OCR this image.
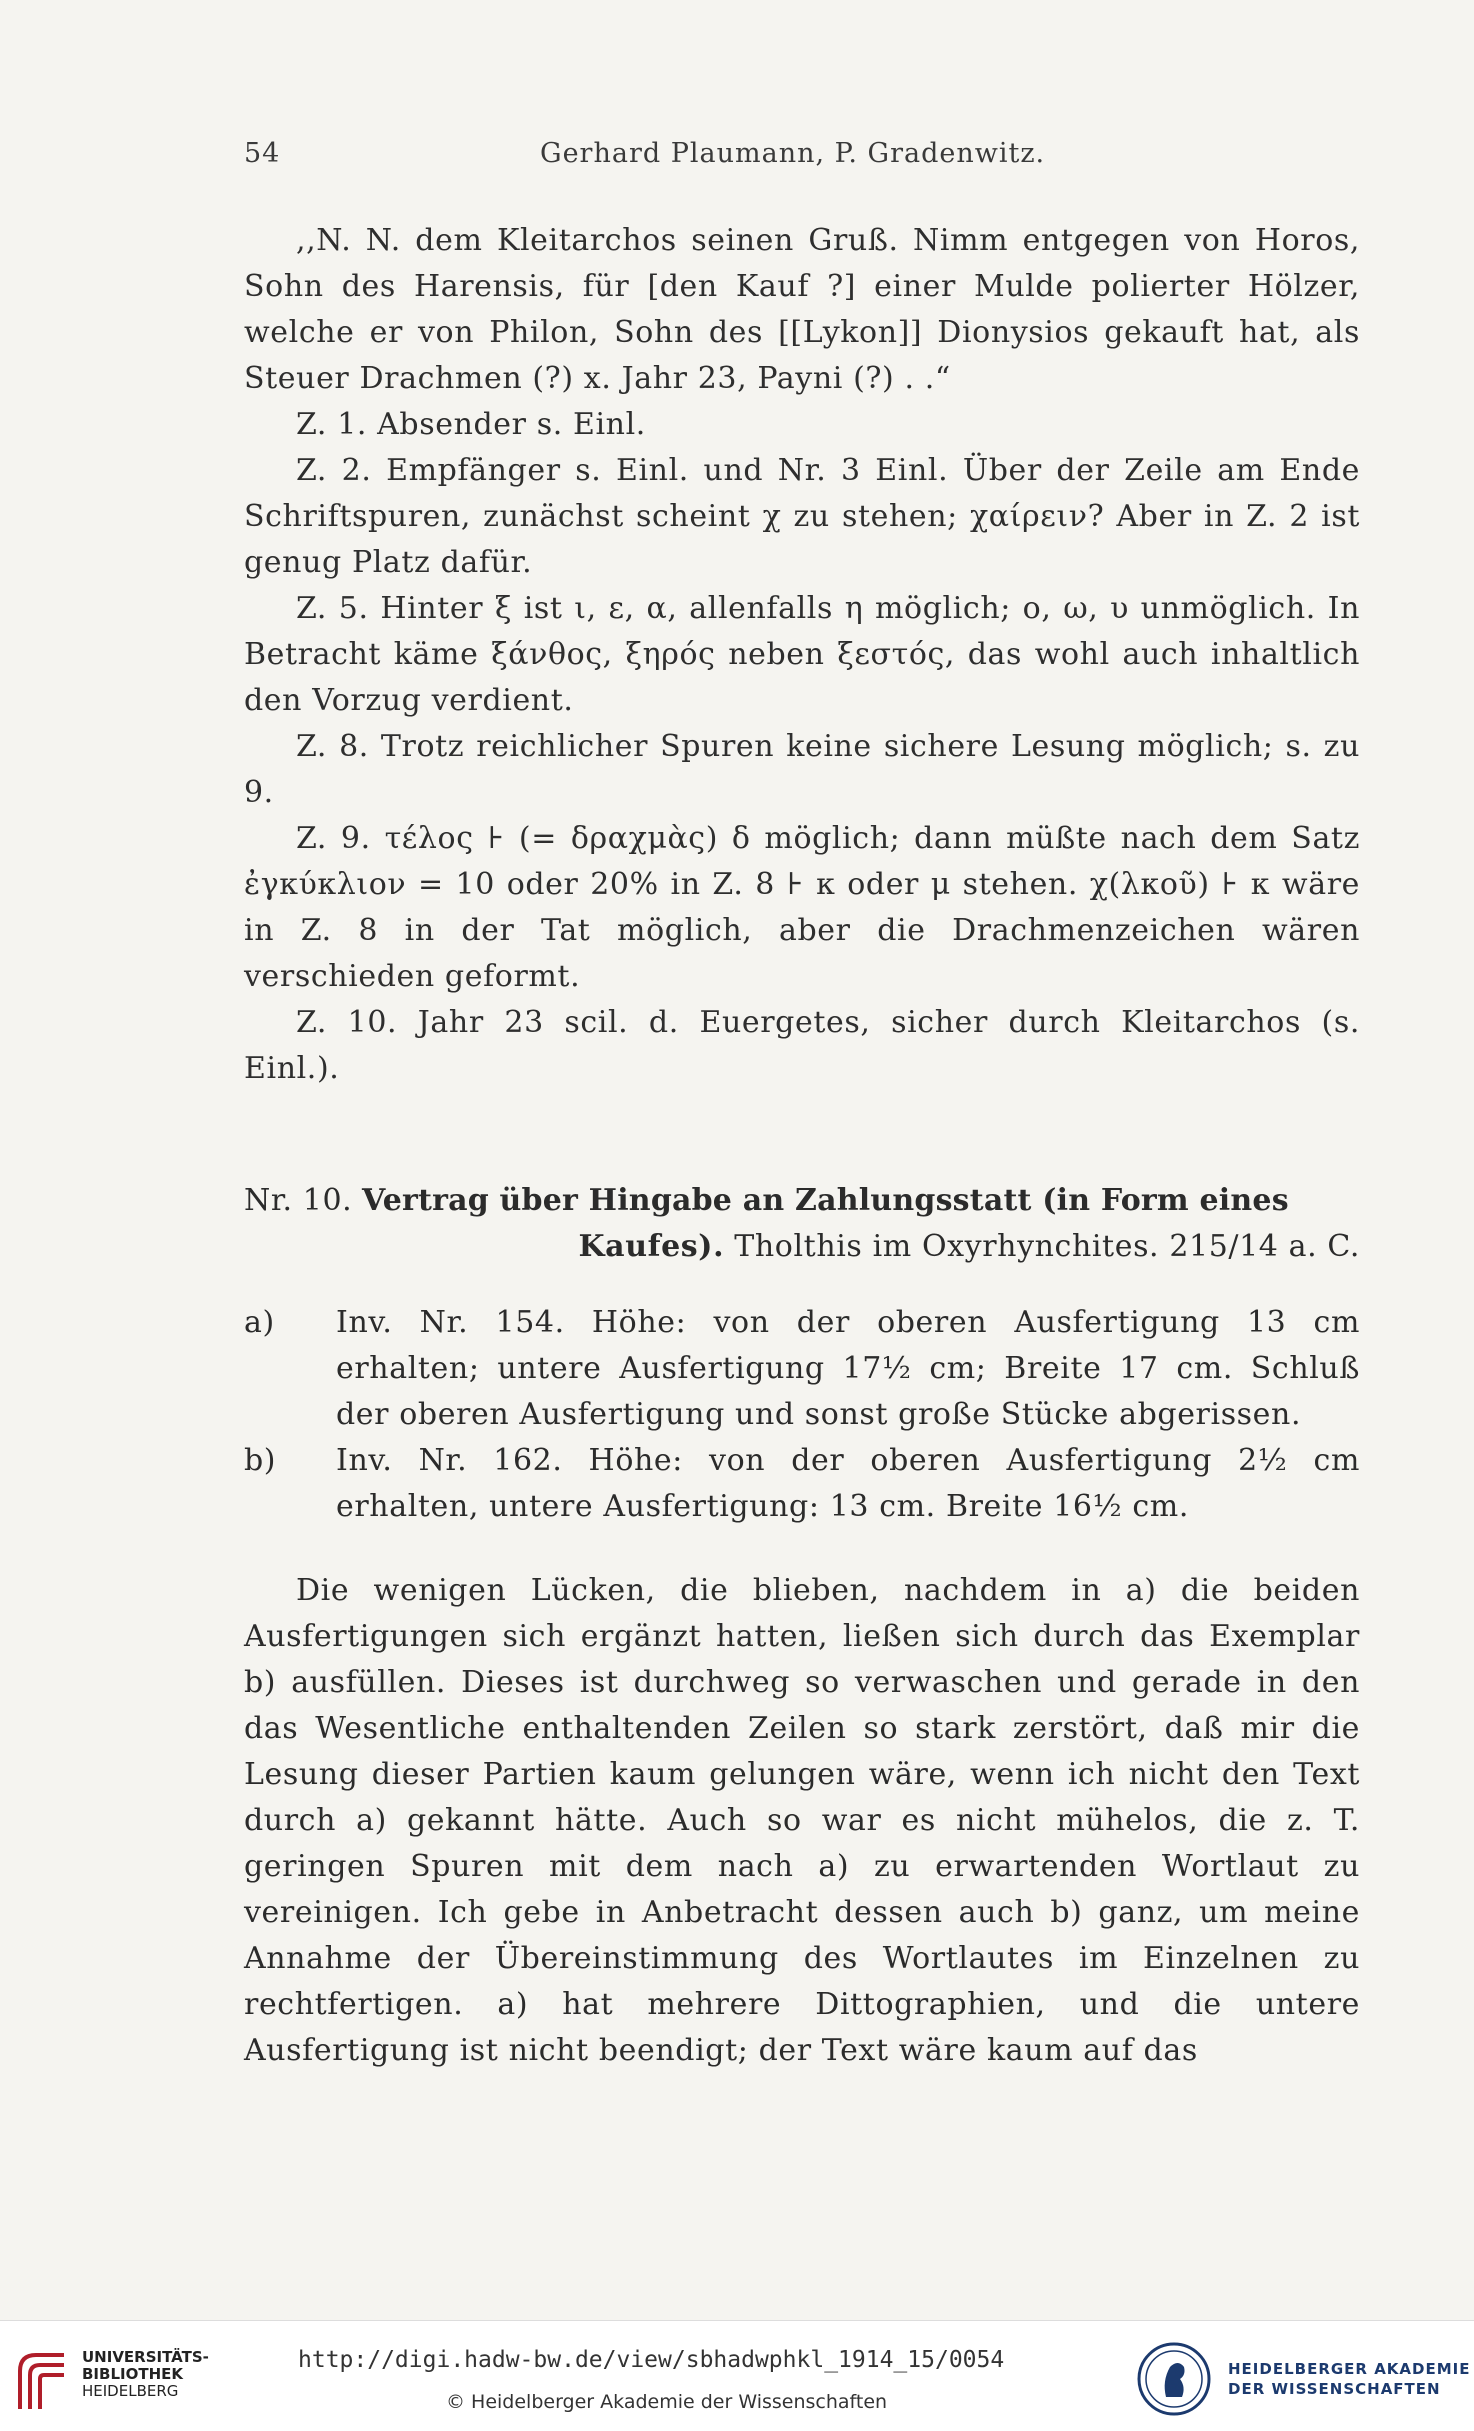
54	Gerhard Plaumann, P. Gradenwitz.

,,N. N. dem Kleitarchos seinen Gruß. Nimm entgegen von Horos, Sohn des Harensis, für [den Kauf ?] einer Mulde polierter Hölzer, welche er von Philon, Sohn des [[Lykon]] Dionysios gekauft hat, als Steuer Drachmen (?) x. Jahr 23, Payni (?) . .“

Z. 1. Absender s. Einl.

Z. 2. Empfänger s. Einl. und Nr. 3 Einl. Über der Zeile am Ende Schriftspuren, zunächst scheint χ zu stehen; χαίρειν? Aber in Z. 2 ist genug Platz dafür.

Z. 5. Hinter ξ ist ι, ε, α, allenfalls η möglich; ο, ω, υ unmöglich. In Betracht käme ξάνθος, ξηρός neben ξεστός, das wohl auch inhaltlich den Vorzug verdient.

Z. 8. Trotz reichlicher Spuren keine sichere Lesung möglich; s. zu 9.

Z. 9. τέλος ⊦ (= δραχμὰς) δ möglich; dann müßte nach dem Satz ἐγκύκλιον = 10 oder 20% in Z. 8 ⊦ κ oder μ stehen. χ(λκοῦ) ⊦ κ wäre in Z. 8 in der Tat möglich, aber die Drachmenzeichen wären verschieden geformt.

Z. 10. Jahr 23 scil. d. Euergetes, sicher durch Kleitarchos (s. Einl.).

Nr. 10. Vertrag über Hingabe an Zahlungsstatt (in Form eines
Kaufes). Tholthis im Oxyrhynchites. 215/14 a. C.
a) Inv. Nr. 154. Höhe: von der oberen Ausfertigung 13 cm erhalten; untere Ausfertigung 17½ cm; Breite 17 cm. Schluß der oberen Ausfertigung und sonst große Stücke abgerissen.
b) Inv. Nr. 162. Höhe: von der oberen Ausfertigung 2½ cm erhalten, untere Ausfertigung: 13 cm. Breite 16½ cm.

Die wenigen Lücken, die blieben, nachdem in a) die beiden Ausfertigungen sich ergänzt hatten, ließen sich durch das Exemplar b) ausfüllen. Dieses ist durchweg so verwaschen und gerade in den das Wesentliche enthaltenden Zeilen so stark zerstört, daß mir die Lesung dieser Partien kaum gelungen wäre, wenn ich nicht den Text durch a) gekannt hätte. Auch so war es nicht mühelos, die z. T. geringen Spuren mit dem nach a) zu erwartenden Wortlaut zu vereinigen. Ich gebe in Anbetracht dessen auch b) ganz, um meine Annahme der Übereinstimmung des Wortlautes im Einzelnen zu rechtfertigen. a) hat mehrere Dittographien, und die untere Ausfertigung ist nicht beendigt; der Text wäre kaum auf das

UNIVERSITÄTS-
BIBLIOTHEK
HEIDELBERG
http://digi.hadw-bw.de/view/sbhadwphkl_1914_15/0054
© Heidelberger Akademie der Wissenschaften
HEIDELBERGER AKADEMIE
DER WISSENSCHAFTEN
